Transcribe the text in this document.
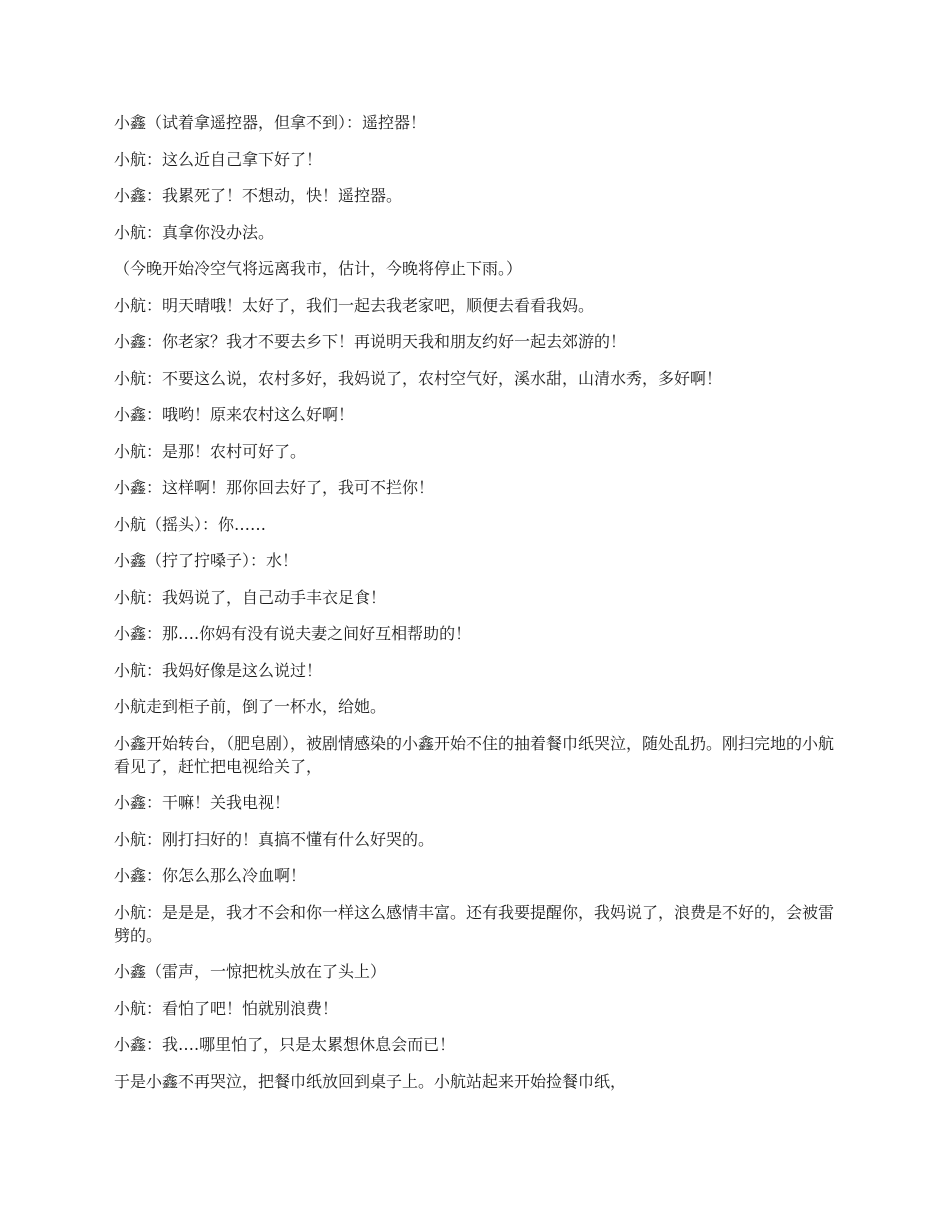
小鑫（试着拿遥控器，但拿不到）：遥控器！

小航：这么近自己拿下好了！

小鑫：我累死了！不想动，快！遥控器。

小航：真拿你没办法。

（今晚开始冷空气将远离我市，估计，今晚将停止下雨。）

小航：明天晴哦！太好了，我们一起去我老家吧，顺便去看看我妈。

小鑫：你老家？我才不要去乡下！再说明天我和朋友约好一起去郊游的！

小航：不要这么说，农村多好，我妈说了，农村空气好，溪水甜，山清水秀，多好啊！

小鑫：哦哟！原来农村这么好啊！

小航：是那！农村可好了。

小鑫：这样啊！那你回去好了，我可不拦你！

小航（摇头）：你……

小鑫（拧了拧嗓子）：水！

小航：我妈说了，自己动手丰衣足食！

小鑫：那….你妈有没有说夫妻之间好互相帮助的！

小航：我妈好像是这么说过！

小航走到柜子前，倒了一杯水，给她。

小鑫开始转台，（肥皂剧），被剧情感染的小鑫开始不住的抽着餐巾纸哭泣，随处乱扔。刚扫完地的小航看见了，赶忙把电视给关了，

小鑫：干嘛！关我电视！

小航：刚打扫好的！真搞不懂有什么好哭的。

小鑫：你怎么那么冷血啊！

小航：是是是，我才不会和你一样这么感情丰富。还有我要提醒你，我妈说了，浪费是不好的，会被雷劈的。

小鑫（雷声，一惊把枕头放在了头上）

小航：看怕了吧！怕就别浪费！

小鑫：我….哪里怕了，只是太累想休息会而已！

于是小鑫不再哭泣，把餐巾纸放回到桌子上。小航站起来开始捡餐巾纸，
